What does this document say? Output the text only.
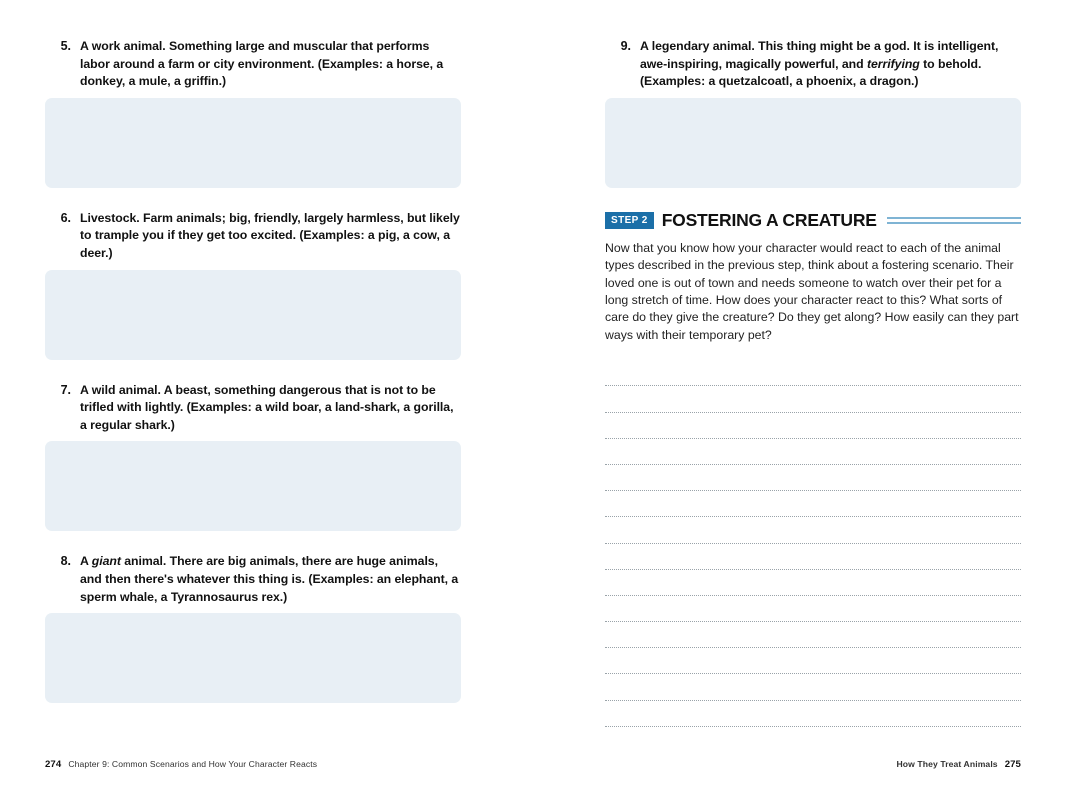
5. A work animal. Something large and muscular that performs labor around a farm or city environment. (Examples: a horse, a donkey, a mule, a griffin.)
6. Livestock. Farm animals; big, friendly, largely harmless, but likely to trample you if they get too excited. (Examples: a pig, a cow, a deer.)
7. A wild animal. A beast, something dangerous that is not to be trifled with lightly. (Examples: a wild boar, a land-shark, a gorilla, a regular shark.)
8. A giant animal. There are big animals, there are huge animals, and then there's whatever this thing is. (Examples: an elephant, a sperm whale, a Tyrannosaurus rex.)
274 Chapter 9: Common Scenarios and How Your Character Reacts
9. A legendary animal. This thing might be a god. It is intelligent, awe-inspiring, magically powerful, and terrifying to behold. (Examples: a quetzalcoatl, a phoenix, a dragon.)
STEP 2 FOSTERING A CREATURE

Now that you know how your character would react to each of the animal types described in the previous step, think about a fostering scenario. Their loved one is out of town and needs someone to watch over their pet for a long stretch of time. How does your character react to this? What sorts of care do they give the creature? Do they get along? How easily can they part ways with their temporary pet?

How They Treat Animals 275
